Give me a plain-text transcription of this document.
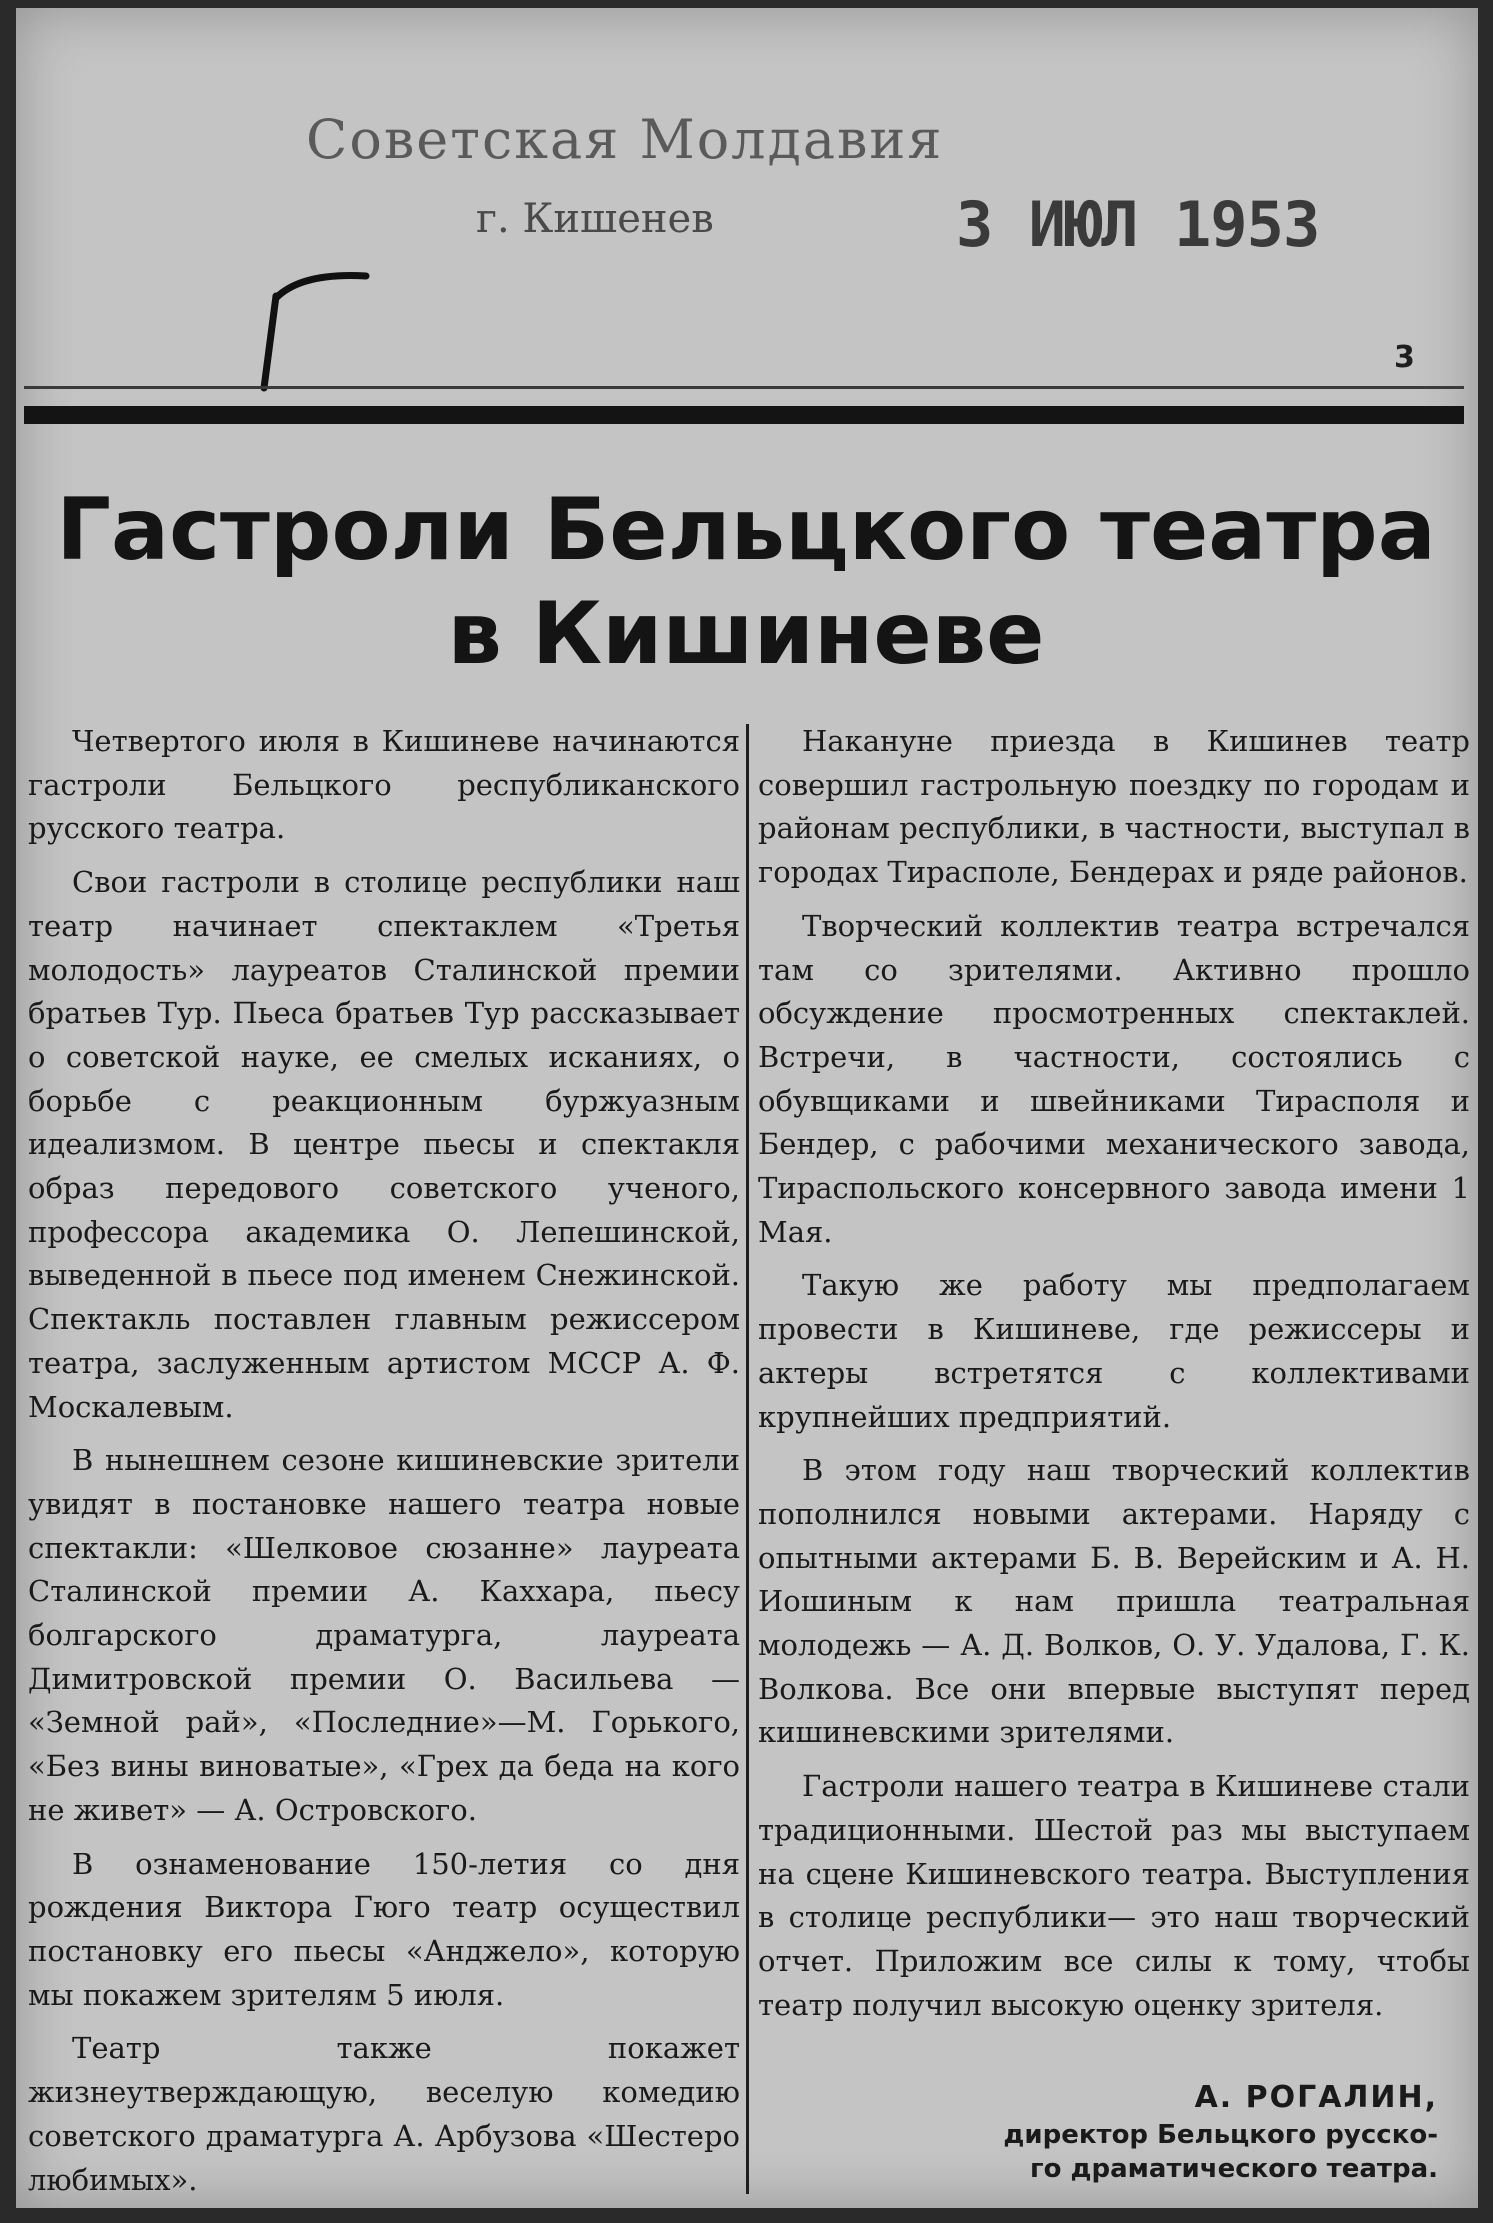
Советская Молдавия
г. Кишенев	3 ИЮЛ 1953
3
Гастроли Бельцкого театра
в Кишиневе

Четвертого июля в Кишиневе начинаются гастроли Бельцкого республиканского русского театра.

Свои гастроли в столице республики наш театр начинает спектаклем «Третья молодость» лауреатов Сталинской премии братьев Тур. Пьеса братьев Тур рассказывает о советской науке, ее смелых исканиях, о борьбе с реакционным буржуазным идеализмом. В центре пьесы и спектакля образ передового советского ученого, профессора академика О. Лепешинской, выведенной в пьесе под именем Снежинской. Спектакль поставлен главным режиссером театра, заслуженным артистом МССР А. Ф. Москалевым.

В нынешнем сезоне кишиневские зрители увидят в постановке нашего театра новые спектакли: «Шелковое сюзанне» лауреата Сталинской премии А. Каххара, пьесу болгарского драматурга, лауреата Димитровской премии О. Васильева — «Земной рай», «Последние»—М. Горького, «Без вины виноватые», «Грех да беда на кого не живет» — А. Островского.

В ознаменование 150-летия со дня рождения Виктора Гюго театр осуществил постановку его пьесы «Анджело», которую мы покажем зрителям 5 июля.

Театр также покажет жизнеутверждающую, веселую комедию советского драматурга А. Арбузова «Шестеро любимых».

Накануне приезда в Кишинев театр совершил гастрольную поездку по городам и районам республики, в частности, выступал в городах Тирасполе, Бендерах и ряде районов.

Творческий коллектив театра встречался там со зрителями. Активно прошло обсуждение просмотренных спектаклей. Встречи, в частности, состоялись с обувщиками и швейниками Тирасполя и Бендер, с рабочими механического завода, Тираспольского консервного завода имени 1 Мая.

Такую же работу мы предполагаем провести в Кишиневе, где режиссеры и актеры встретятся с коллективами крупнейших предприятий.

В этом году наш творческий коллектив пополнился новыми актерами. Наряду с опытными актерами Б. В. Верейским и А. Н. Иошиным к нам пришла театральная молодежь — А. Д. Волков, О. У. Удалова, Г. К. Волкова. Все они впервые выступят перед кишиневскими зрителями.

Гастроли нашего театра в Кишиневе стали традиционными. Шестой раз мы выступаем на сцене Кишиневского театра. Выступления в столице республики— это наш творческий отчет. Приложим все силы к тому, чтобы театр получил высокую оценку зрителя.

А. РОГАЛИН,
директор Бельцкого русско-
го драматического театра.
